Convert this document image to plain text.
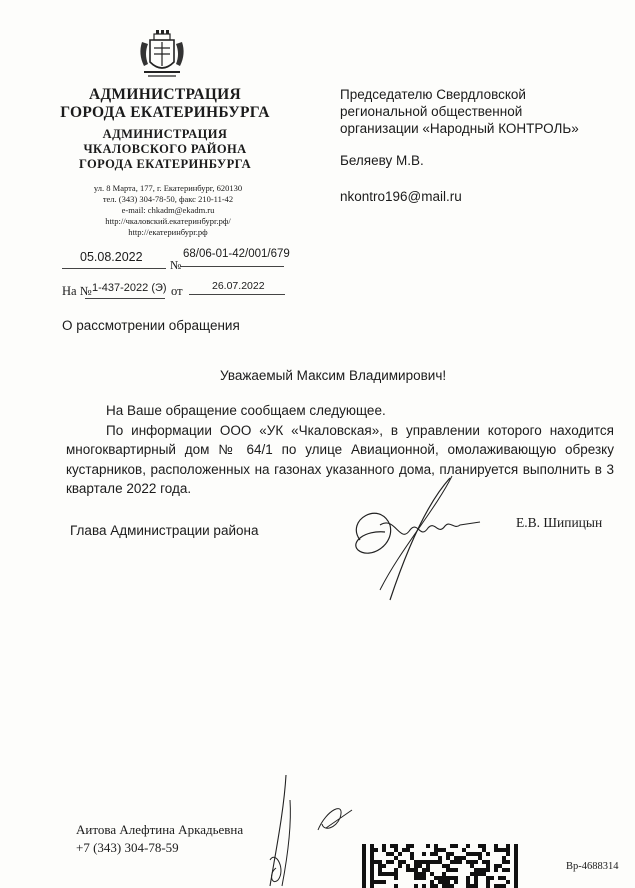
АДМИНИСТРАЦИЯ
ГОРОДА ЕКАТЕРИНБУРГА
АДМИНИСТРАЦИЯ
ЧКАЛОВСКОГО РАЙОНА
ГОРОДА ЕКАТЕРИНБУРГА
ул. 8 Марта, 177, г. Екатеринбург, 620130
тел. (343) 304-78-50, факс 210-11-42
e-mail: chkadm@ekadm.ru
http://чкаловский.екатеринбург.рф/
http://екатеринбург.рф
05.08.2022
№
68/06-01-42/001/679
На № 1-437-2022 (Э) от	26.07.2022
Председателю Свердловской
региональной общественной
организации «Народный КОНТРОЛЬ»
Беляеву М.В.
nkontro196@mail.ru
О рассмотрении обращения
Уважаемый Максим Владимирович!

На Ваше обращение сообщаем следующее.

По информации ООО «УК «Чкаловская», в управлении которого находится многоквартирный дом № 64/1 по улице Авиационной, омолаживающую обрезку кустарников, расположенных на газонах указанного дома, планируется выполнить в 3 квартале 2022 года.

Глава Администрации района
Е.В. Шипицын
Аитова Алефтина Аркадьевна
+7 (343) 304-78-59
Вр-4688314
